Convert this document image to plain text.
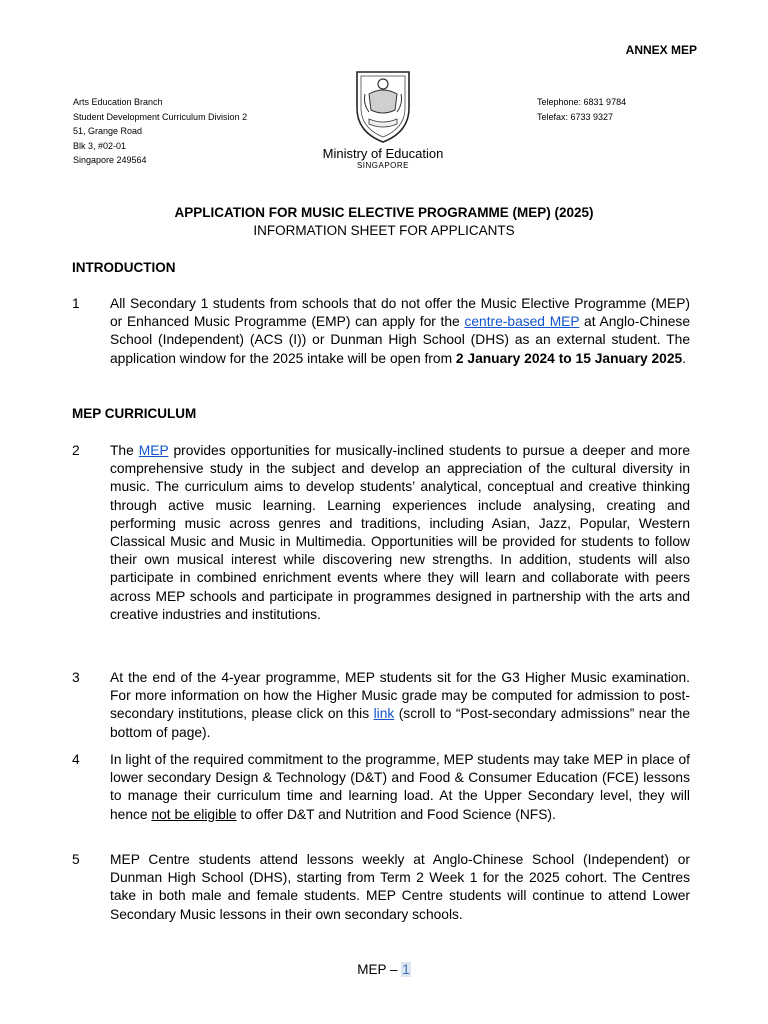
ANNEX MEP
Arts Education Branch
Student Development Curriculum Division 2
51, Grange Road
Blk 3, #02-01
Singapore 249564	Ministry of Education
SINGAPORE
Telephone: 6831 9784
Telefax: 6733 9327
APPLICATION FOR MUSIC ELECTIVE PROGRAMME (MEP) (2025)
INFORMATION SHEET FOR APPLICANTS
INTRODUCTION
1 All Secondary 1 students from schools that do not offer the Music Elective Programme (MEP) or Enhanced Music Programme (EMP) can apply for the centre-based MEP at Anglo-Chinese School (Independent) (ACS (I)) or Dunman High School (DHS) as an external student. The application window for the 2025 intake will be open from 2 January 2024 to 15 January 2025.
MEP CURRICULUM
2 The MEP provides opportunities for musically-inclined students to pursue a deeper and more comprehensive study in the subject and develop an appreciation of the cultural diversity in music. The curriculum aims to develop students’ analytical, conceptual and creative thinking through active music learning. Learning experiences include analysing, creating and performing music across genres and traditions, including Asian, Jazz, Popular, Western Classical Music and Music in Multimedia. Opportunities will be provided for students to follow their own musical interest while discovering new strengths. In addition, students will also participate in combined enrichment events where they will learn and collaborate with peers across MEP schools and participate in programmes designed in partnership with the arts and creative industries and institutions.
3 At the end of the 4-year programme, MEP students sit for the G3 Higher Music examination. For more information on how the Higher Music grade may be computed for admission to post-secondary institutions, please click on this link (scroll to “Post-secondary admissions” near the bottom of page).
4 In light of the required commitment to the programme, MEP students may take MEP in place of lower secondary Design & Technology (D&T) and Food & Consumer Education (FCE) lessons to manage their curriculum time and learning load. At the Upper Secondary level, they will hence not be eligible to offer D&T and Nutrition and Food Science (NFS).
5 MEP Centre students attend lessons weekly at Anglo-Chinese School (Independent) or Dunman High School (DHS), starting from Term 2 Week 1 for the 2025 cohort. The Centres take in both male and female students. MEP Centre students will continue to attend Lower Secondary Music lessons in their own secondary schools.
MEP – 1
